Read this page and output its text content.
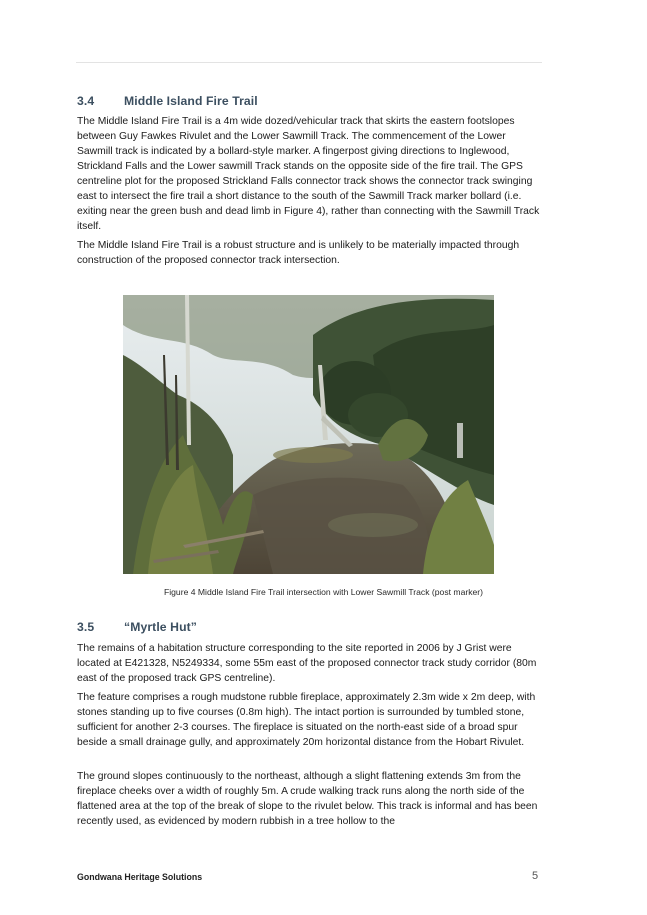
3.4 Middle Island Fire Trail

The Middle Island Fire Trail is a 4m wide dozed/vehicular track that skirts the eastern footslopes between Guy Fawkes Rivulet and the Lower Sawmill Track. The commencement of the Lower Sawmill track is indicated by a bollard-style marker. A fingerpost giving directions to Inglewood, Strickland Falls and the Lower sawmill Track stands on the opposite side of the fire trail. The GPS centreline plot for the proposed Strickland Falls connector track shows the connector track swinging east to intersect the fire trail a short distance to the south of the Sawmill Track marker bollard (i.e. exiting near the green bush and dead limb in Figure 4), rather than connecting with the Sawmill Track itself.

The Middle Island Fire Trail is a robust structure and is unlikely to be materially impacted through construction of the proposed connector track intersection.

Figure 4 Middle Island Fire Trail intersection with Lower Sawmill Track (post marker)
3.5 “Myrtle Hut”

The remains of a habitation structure corresponding to the site reported in 2006 by J Grist were located at E421328, N5249334, some 55m east of the proposed connector track study corridor (80m east of the proposed track GPS centreline).

The feature comprises a rough mudstone rubble fireplace, approximately 2.3m wide x 2m deep, with stones standing up to five courses (0.8m high). The intact portion is surrounded by tumbled stone, sufficient for another 2-3 courses. The fireplace is situated on the north-east side of a broad spur beside a small drainage gully, and approximately 20m horizontal distance from the Hobart Rivulet.

The ground slopes continuously to the northeast, although a slight flattening extends 3m from the fireplace cheeks over a width of roughly 5m. A crude walking track runs along the north side of the flattened area at the top of the break of slope to the rivulet below. This track is informal and has been recently used, as evidenced by modern rubbish in a tree hollow to the

Gondwana Heritage Solutions	5
